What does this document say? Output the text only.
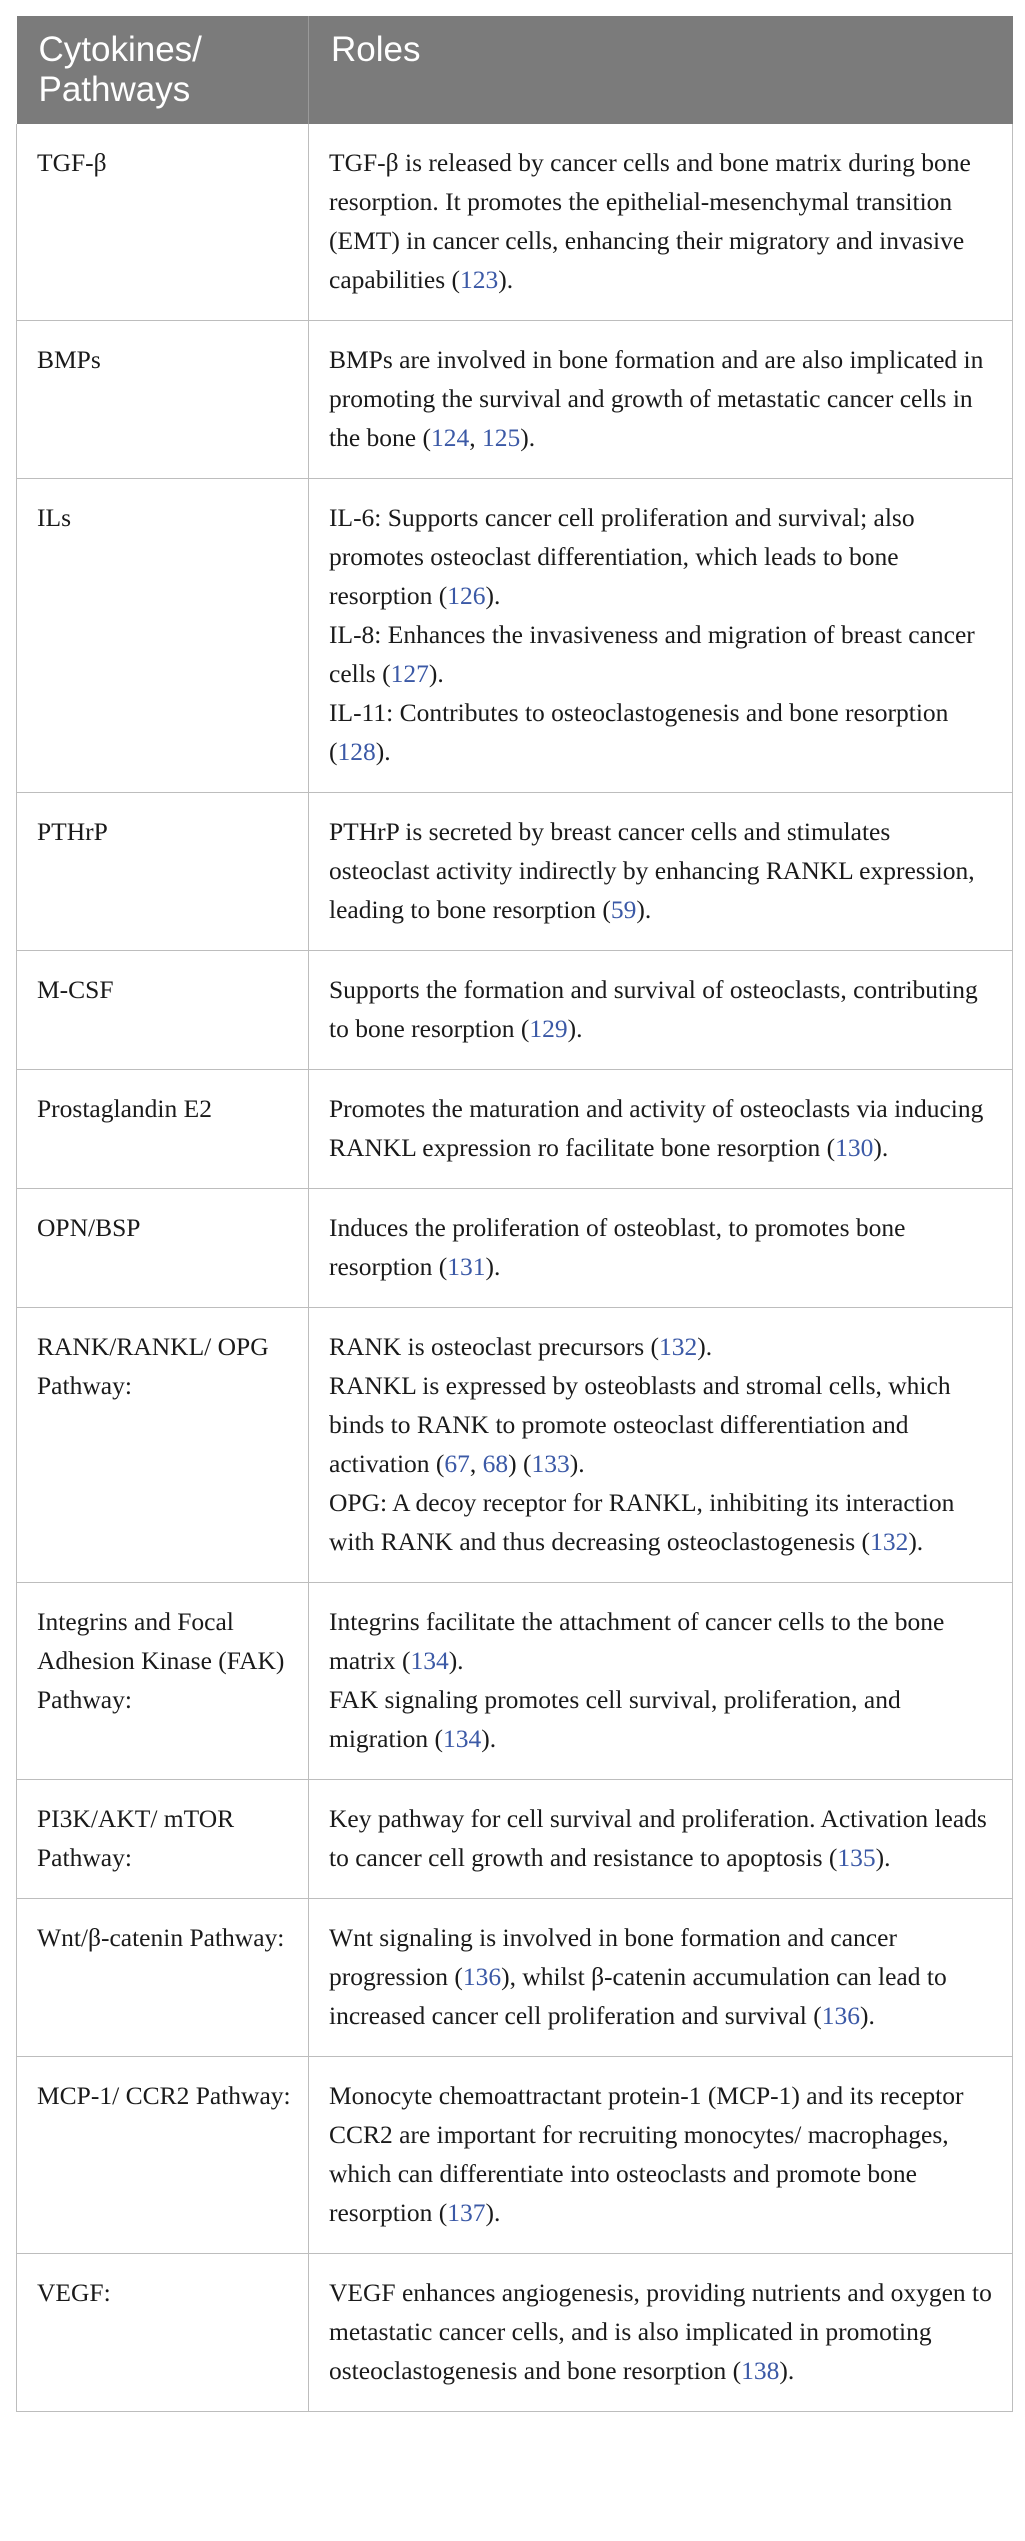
Cytokines/ Pathways	Roles
TGF-β	TGF-β is released by cancer cells and bone matrix during bone resorption. It promotes the epithelial-mesenchymal transition (EMT) in cancer cells, enhancing their migratory and invasive capabilities (123).

BMPs	BMPs are involved in bone formation and are also implicated in promoting the survival and growth of metastatic cancer cells in the bone (124, 125).

ILs	IL-6: Supports cancer cell proliferation and survival; also promotes osteoclast differentiation, which leads to bone resorption (126).
IL-8: Enhances the invasiveness and migration of breast cancer cells (127).
IL-11: Contributes to osteoclastogenesis and bone resorption (128).

PTHrP	PTHrP is secreted by breast cancer cells and stimulates osteoclast activity indirectly by enhancing RANKL expression, leading to bone resorption (59).

M-CSF	Supports the formation and survival of osteoclasts, contributing to bone resorption (129).

Prostaglandin E2	Promotes the maturation and activity of osteoclasts via inducing RANKL expression ro facilitate bone resorption (130).

OPN/BSP	Induces the proliferation of osteoblast, to promotes bone resorption (131).

RANK/RANKL/ OPG Pathway:	RANK is osteoclast precursors (132).
RANKL is expressed by osteoblasts and stromal cells, which binds to RANK to promote osteoclast differentiation and activation (67, 68) (133).
OPG: A decoy receptor for RANKL, inhibiting its interaction with RANK and thus decreasing osteoclastogenesis (132).

Integrins and Focal Adhesion Kinase (FAK) Pathway:	Integrins facilitate the attachment of cancer cells to the bone matrix (134).
FAK signaling promotes cell survival, proliferation, and migration (134).

PI3K/AKT/ mTOR Pathway:	Key pathway for cell survival and proliferation. Activation leads to cancer cell growth and resistance to apoptosis (135).

Wnt/β-catenin Pathway:	Wnt signaling is involved in bone formation and cancer progression (136), whilst β-catenin accumulation can lead to increased cancer cell proliferation and survival (136).

MCP-1/ CCR2 Pathway:	Monocyte chemoattractant protein-1 (MCP-1) and its receptor CCR2 are important for recruiting monocytes/ macrophages, which can differentiate into osteoclasts and promote bone resorption (137).

VEGF:	VEGF enhances angiogenesis, providing nutrients and oxygen to metastatic cancer cells, and is also implicated in promoting osteoclastogenesis and bone resorption (138).
